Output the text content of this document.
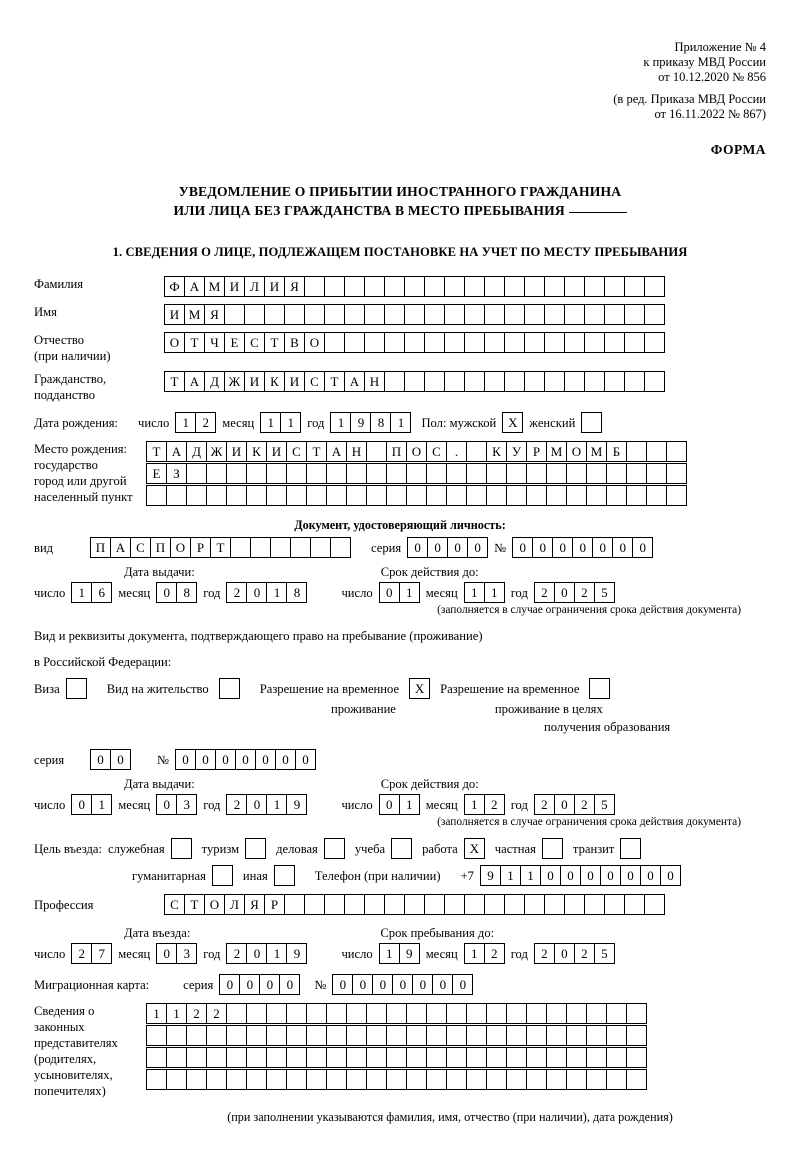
Приложение № 4
к приказу МВД России
от 10.12.2020 № 856
(в ред. Приказа МВД России
от 16.11.2022 № 867)
ФОРМА
УВЕДОМЛЕНИЕ О ПРИБЫТИИ ИНОСТРАННОГО ГРАЖДАНИНА
ИЛИ ЛИЦА БЕЗ ГРАЖДАНСТВА В МЕСТО ПРЕБЫВАНИЯ
1. СВЕДЕНИЯ О ЛИЦЕ, ПОДЛЕЖАЩЕМ ПОСТАНОВКЕ НА УЧЕТ ПО МЕСТУ ПРЕБЫВАНИЯ
Фамилия	Ф А М И Л И Я
Имя	И М Я
Отчество
(при наличии)
О Т Ч Е С Т В О
Гражданство,
подданство
Т А Д Ж И К И С Т А Н
Дата рождения: число	1	2	месяц	1	1	год	1	9	8	1	Пол: мужской X женский
Место рождения:
государство
город или другой
населенный пункт
Т А Д Ж И К И С Т А Н	П О С	.	К У Р М О М Б
Е З
Документ, удостоверяющий личность:
вид	П А С П О Р Т	серия	0	0	0	0	№	0	0	0	0	0	0	0
Дата выдачи:	Срок действия до:
число	1	6	месяц	0	8	год	2	0	1	8	число	0	1	месяц	1	1	год	2	0	2	5
(заполняется в случае ограничения срока действия документа)
Вид и реквизиты документа, подтверждающего право на пребывание (проживание)
в Российской Федерации:
Виза	Вид на жительство	Разрешение на временное	X	Разрешение на временное
проживание	проживание в целях
получения образования
серия	0	0	№	0	0	0	0	0	0	0
Дата выдачи:	Срок действия до:
число	0	1	месяц	0	3	год	2	0	1	9	число	0	1	месяц	1	2	год	2	0	2	5
(заполняется в случае ограничения срока действия документа)
Цель въезда: служебная	туризм	деловая	учеба	работа X	частная	транзит
гуманитарная	иная	Телефон (при наличии) +7	9	1	1	0	0	0	0	0	0	0
Профессия	С Т О Л Я Р
Дата въезда:	Срок пребывания до:
число	2	7	месяц	0	3	год	2	0	1	9	число	1	9	месяц	1	2	год	2	0	2	5
Миграционная карта:	серия	0	0	0	0	№	0	0	0	0	0	0	0
Сведения о
законных
представителях
(родителях,
усыновителях,
попечителях)
1	1	2	2
(при заполнении указываются фамилия, имя, отчество (при наличии), дата рождения)
